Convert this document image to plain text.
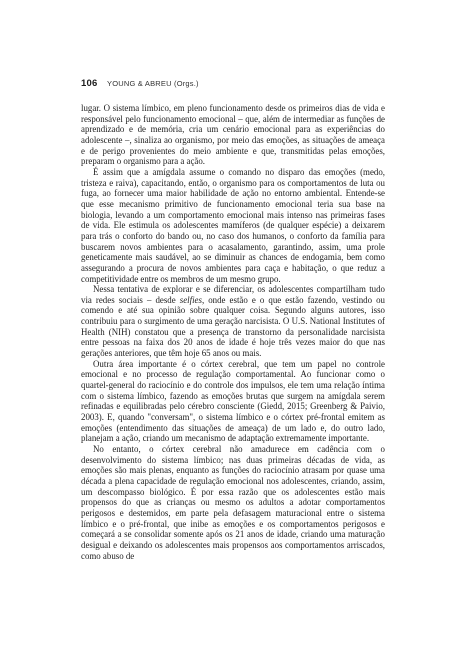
106 YOUNG & ABREU (Orgs.)

lugar. O sistema límbico, em pleno funcionamento desde os primeiros dias de vida e responsável pelo funcionamento emocional – que, além de intermediar as funções de aprendizado e de memória, cria um cenário emocional para as experiências do adolescente –, sinaliza ao organismo, por meio das emoções, as situações de ameaça e de perigo provenientes do meio ambiente e que, transmitidas pelas emoções, preparam o organismo para a ação.

É assim que a amígdala assume o comando no disparo das emoções (medo, tristeza e raiva), capacitando, então, o organismo para os comportamentos de luta ou fuga, ao fornecer uma maior habilidade de ação no entorno ambiental. Entende-se que esse mecanismo primitivo de funcionamento emocional teria sua base na biologia, levando a um comportamento emocional mais intenso nas primeiras fases de vida. Ele estimula os adolescentes mamíferos (de qualquer espécie) a deixarem para trás o conforto do bando ou, no caso dos humanos, o conforto da família para buscarem novos ambientes para o acasalamento, garantindo, assim, uma prole geneticamente mais saudável, ao se diminuir as chances de endogamia, bem como assegurando a procura de novos ambientes para caça e habitação, o que reduz a competitividade entre os membros de um mesmo grupo.

Nessa tentativa de explorar e se diferenciar, os adolescentes compartilham tudo via redes sociais – desde selfies, onde estão e o que estão fazendo, vestindo ou comendo e até sua opinião sobre qualquer coisa. Segundo alguns autores, isso contribuiu para o surgimento de uma geração narcisista. O U.S. National Institutes of Health (NIH) constatou que a presença de transtorno da personalidade narcisista entre pessoas na faixa dos 20 anos de idade é hoje três vezes maior do que nas gerações anteriores, que têm hoje 65 anos ou mais.

Outra área importante é o córtex cerebral, que tem um papel no controle emocional e no processo de regulação comportamental. Ao funcionar como o quartel-general do raciocínio e do controle dos impulsos, ele tem uma relação íntima com o sistema límbico, fazendo as emoções brutas que surgem na amígdala serem refinadas e equilibradas pelo cérebro consciente (Giedd, 2015; Greenberg & Paivio, 2003). E, quando "conversam", o sistema límbico e o córtex pré-frontal emitem as emoções (entendimento das situações de ameaça) de um lado e, do outro lado, planejam a ação, criando um mecanismo de adaptação extremamente importante.

No entanto, o córtex cerebral não amadurece em cadência com o desenvolvimento do sistema límbico; nas duas primeiras décadas de vida, as emoções são mais plenas, enquanto as funções do raciocínio atrasam por quase uma década a plena capacidade de regulação emocional nos adolescentes, criando, assim, um descompasso biológico. É por essa razão que os adolescentes estão mais propensos do que as crianças ou mesmo os adultos a adotar comportamentos perigosos e destemidos, em parte pela defasagem maturacional entre o sistema límbico e o pré-frontal, que inibe as emoções e os comportamentos perigosos e começará a se consolidar somente após os 21 anos de idade, criando uma maturação desigual e deixando os adolescentes mais propensos aos comportamentos arriscados, como abuso de
